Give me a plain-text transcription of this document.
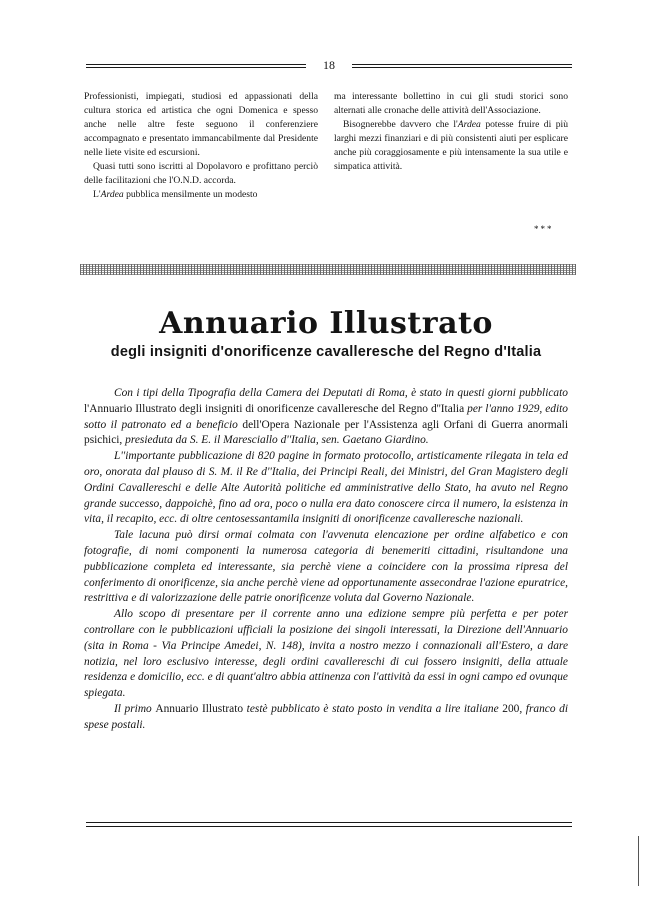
18

Professionisti, impiegati, studiosi ed appassionati della cultura storica ed artistica che ogni Domenica e spesso anche nelle altre feste seguono il conferenziere accompagnato e presentato immancabilmente dal Presidente nelle liete visite ed escursioni.

Quasi tutti sono iscritti al Dopolavoro e profittano perciò delle facilitazioni che l'O.N.D. accorda.

L'Ardea pubblica mensilmente un modesto

ma interessante bollettino in cui gli studi storici sono alternati alle cronache delle attività dell'Associazione.

Bisognerebbe davvero che l'Ardea potesse fruire di più larghi mezzi finanziari e di più consistenti aiuti per esplicare anche più coraggiosamente e più intensamente la sua utile e simpatica attività.

***
Annuario Illustrato
degli insigniti d'onorificenze cavalleresche del Regno d'Italia

Con i tipi della Tipografia della Camera dei Deputati di Roma, è stato in questi giorni pubblicato l'Annuario Illustrato degli insigniti di onorificenze cavalleresche del Regno d''Italia per l'anno 1929, edito sotto il patronato ed a beneficio dell'Opera Nazionale per l'Assistenza agli Orfani di Guerra anormali psichici, presieduta da S. E. il Maresciallo d''Italia, sen. Gaetano Giardino.

L''importante pubblicazione di 820 pagine in formato protocollo, artisticamente rilegata in tela ed oro, onorata dal plauso di S. M. il Re d''Italia, dei Principi Reali, dei Ministri, del Gran Magistero degli Ordini Cavallereschi e delle Alte Autorità politiche ed amministrative dello Stato, ha avuto nel Regno grande successo, dappoichè, fino ad ora, poco o nulla era dato conoscere circa il numero, la esistenza in vita, il recapito, ecc. di oltre centosessantamila insigniti di onorificenze cavalleresche nazionali.

Tale lacuna può dirsi ormai colmata con l'avvenuta elencazione per ordine alfabetico e con fotografie, di nomi componenti la numerosa categoria di benemeriti cittadini, risultandone una pubblicazione completa ed interessante, sia perchè viene a coincidere con la prossima ripresa del conferimento di onorificenze, sia anche perchè viene ad opportunamente assecondrae l'azione epuratrice, restrittiva e di valorizzazione delle patrie onorificenze voluta dal Governo Nazionale.

Allo scopo di presentare per il corrente anno una edizione sempre più perfetta e per poter controllare con le pubblicazioni ufficiali la posizione dei singoli interessati, la Direzione dell'Annuario (sita in Roma - Via Principe Amedei, N. 148), invita a nostro mezzo i connazionali all'Estero, a dare notizia, nel loro esclusivo interesse, degli ordini cavallereschi di cui fossero insigniti, della attuale residenza e domicilio, ecc. e di quant'altro abbia attinenza con l'attività da essi in ogni campo ed ovunque spiegata.

Il primo Annuario Illustrato testè pubblicato è stato posto in vendita a lire italiane 200, franco di spese postali.
